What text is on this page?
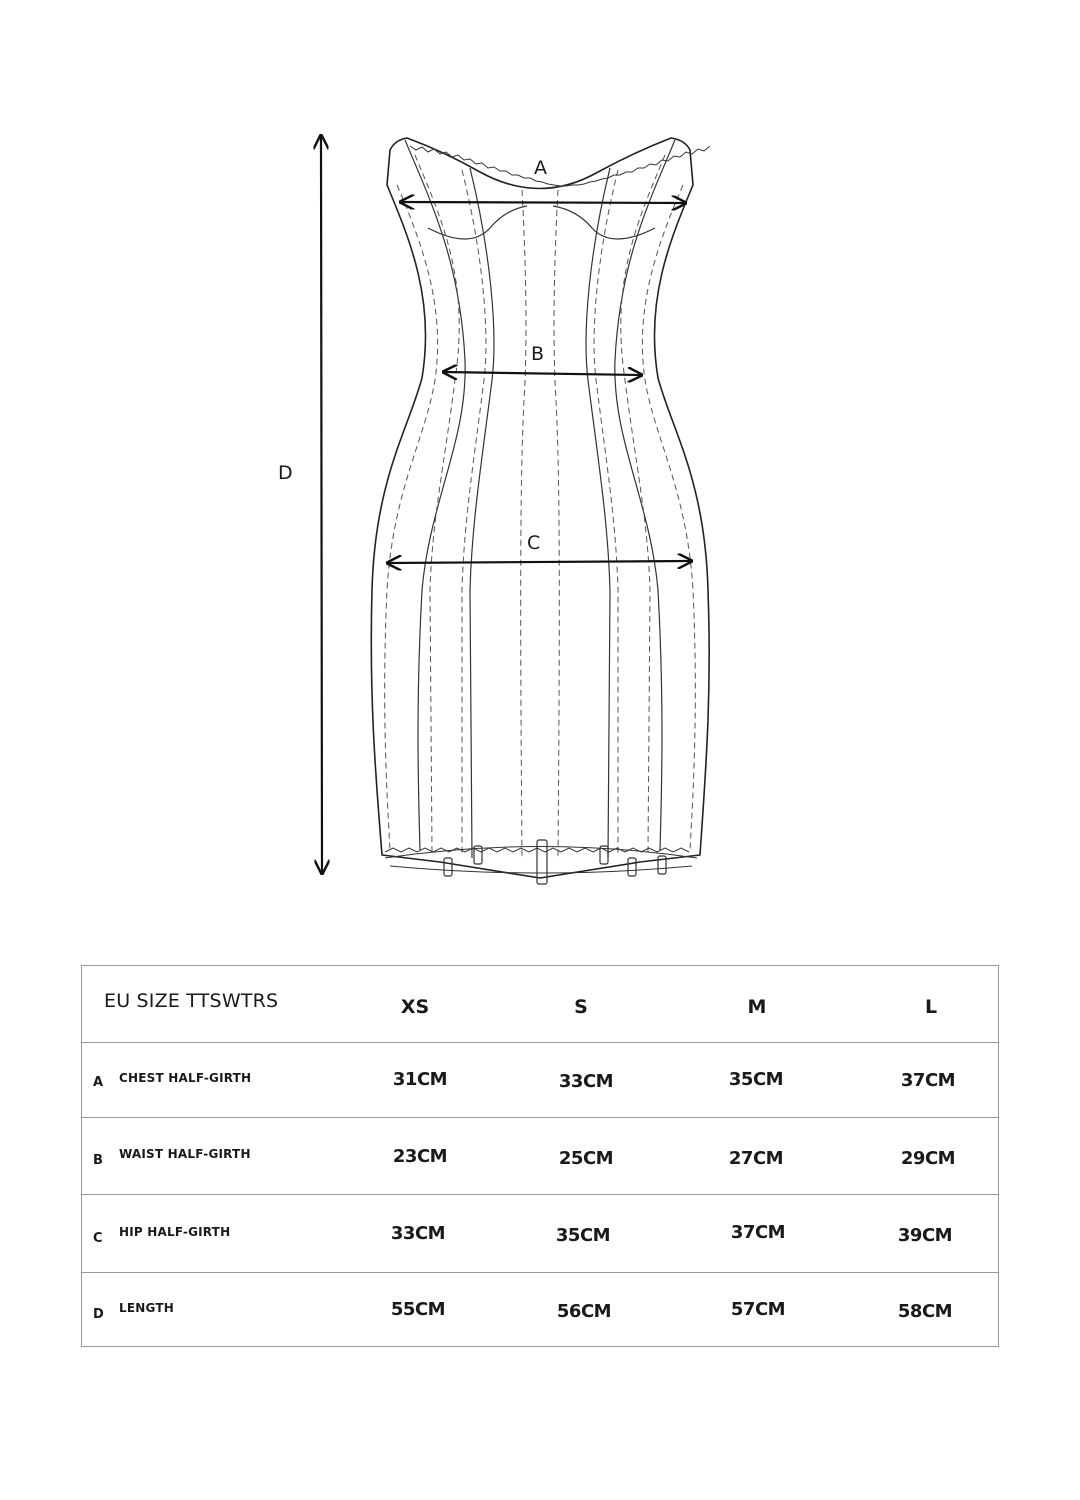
A
B
C
D
EU SIZE TTSWTRS	XS	S	M	L
A CHEST HALF-GIRTH	31CM	33CM	35CM	37CM
B WAIST HALF-GIRTH	23CM	25CM	27CM	29CM
C HIP HALF-GIRTH	33CM	35CM	37CM	39CM
D LENGTH	55CM	56CM	57CM	58CM
